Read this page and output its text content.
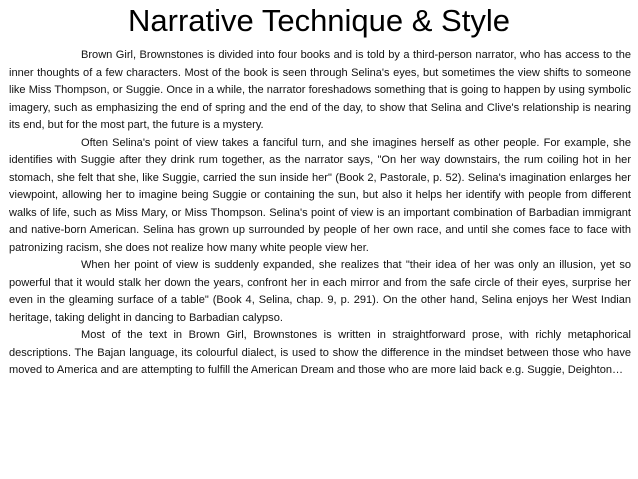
Narrative Technique & Style

Brown Girl, Brownstones is divided into four books and is told by a third-person narrator, who has access to the inner thoughts of a few characters. Most of the book is seen through Selina's eyes, but sometimes the view shifts to someone like Miss Thompson, or Suggie. Once in a while, the narrator foreshadows something that is going to happen by using symbolic imagery, such as emphasizing the end of spring and the end of the day, to show that Selina and Clive's relationship is nearing its end, but for the most part, the future is a mystery.

Often Selina's point of view takes a fanciful turn, and she imagines herself as other people. For example, she identifies with Suggie after they drink rum together, as the narrator says, "On her way downstairs, the rum coiling hot in her stomach, she felt that she, like Suggie, carried the sun inside her" (Book 2, Pastorale, p. 52). Selina's imagination enlarges her viewpoint, allowing her to imagine being Suggie or containing the sun, but also it helps her identify with people from different walks of life, such as Miss Mary, or Miss Thompson. Selina's point of view is an important combination of Barbadian immigrant and native-born American. Selina has grown up surrounded by people of her own race, and until she comes face to face with patronizing racism, she does not realize how many white people view her.

When her point of view is suddenly expanded, she realizes that "their idea of her was only an illusion, yet so powerful that it would stalk her down the years, confront her in each mirror and from the safe circle of their eyes, surprise her even in the gleaming surface of a table" (Book 4, Selina, chap. 9, p. 291). On the other hand, Selina enjoys her West Indian heritage, taking delight in dancing to Barbadian calypso.

Most of the text in Brown Girl, Brownstones is written in straightforward prose, with richly metaphorical descriptions. The Bajan language, its colourful dialect, is used to show the difference in the mindset between those who have moved to America and are attempting to fulfill the American Dream and those who are more laid back e.g. Suggie, Deighton…
